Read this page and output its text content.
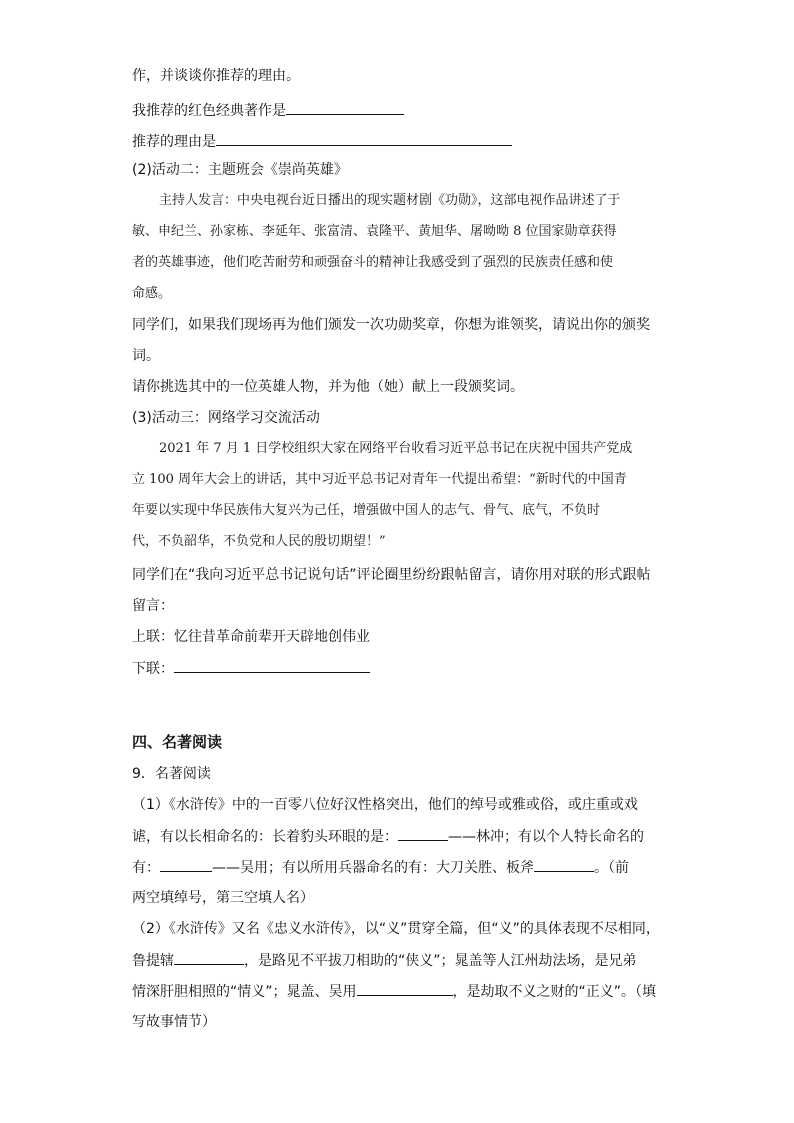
作，并谈谈你推荐的理由。
我推荐的红色经典著作是
推荐的理由是
(2)活动二：主题班会《崇尚英雄》
主持人发言：中央电视台近日播出的现实题材剧《功勋》，这部电视作品讲述了于
敏、申纪兰、孙家栋、李延年、张富清、袁隆平、黄旭华、屠呦呦 8 位国家勋章获得
者的英雄事迹，他们吃苦耐劳和顽强奋斗的精神让我感受到了强烈的民族责任感和使
命感。
同学们，如果我们现场再为他们颁发一次功勋奖章，你想为谁领奖，请说出你的颁奖
词。
请你挑选其中的一位英雄人物，并为他（她）献上一段颁奖词。
(3)活动三：网络学习交流活动
2021 年 7 月 1 日学校组织大家在网络平台收看习近平总书记在庆祝中国共产党成
立 100 周年大会上的讲话，其中习近平总书记对青年一代提出希望：“新时代的中国青
年要以实现中华民族伟大复兴为己任，增强做中国人的志气、骨气、底气，不负时
代，不负韶华，不负党和人民的殷切期望！”
同学们在“我向习近平总书记说句话”评论圈里纷纷跟帖留言，请你用对联的形式跟帖
留言：
上联：忆往昔革命前辈开天辟地创伟业
下联：
四、名著阅读
9．名著阅读
（1）《水浒传》中的一百零八位好汉性格突出，他们的绰号或雅或俗，或庄重或戏
谑，有以长相命名的：长着豹头环眼的是：	——林冲；有以个人特长命名的
有：	——吴用；有以所用兵器命名的有：大刀关胜、板斧	。（前
两空填绰号，第三空填人名）
（2）《水浒传》又名《忠义水浒传》，以“义”贯穿全篇，但“义”的具体表现不尽相同，
鲁提辖	，是路见不平拔刀相助的“侠义”；晁盖等人江州劫法场，是兄弟
情深肝胆相照的“情义”；晁盖、吴用	，是劫取不义之财的“正义”。（填
写故事情节）
